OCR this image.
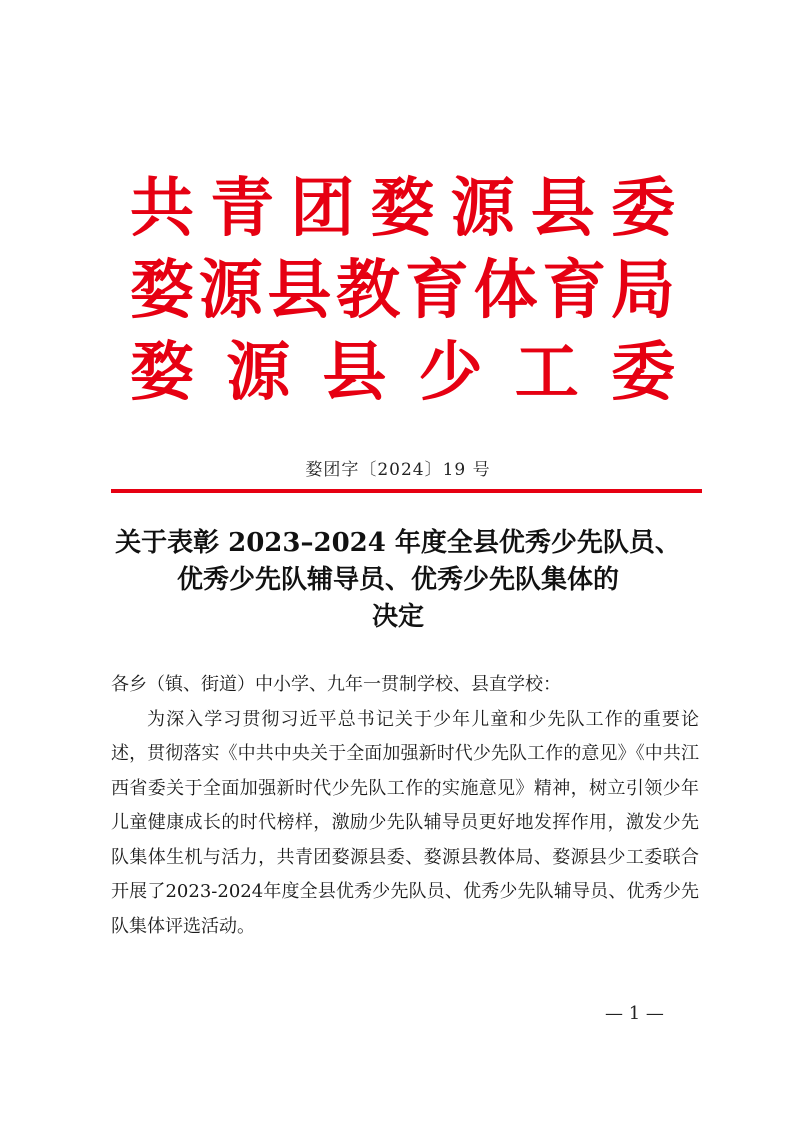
共 青 团 婺 源 县 委
婺 源 县 教 育 体 育 局
婺 源 县 少 工 委
婺团字〔2024〕19 号
关于表彰 2023–2024 年度全县优秀少先队员、
优秀少先队辅导员、优秀少先队集体的
决定

各乡（镇、街道）中小学、九年一贯制学校、县直学校：

为深入学习贯彻习近平总书记关于少年儿童和少先队工作的重要论述，贯彻落实《中共中央关于全面加强新时代少先队工作的意见》《中共江西省委关于全面加强新时代少先队工作的实施意见》精神，树立引领少年儿童健康成长的时代榜样，激励少先队辅导员更好地发挥作用，激发少先队集体生机与活力，共青团婺源县委、婺源县教体局、婺源县少工委联合开展了2023-2024年度全县优秀少先队员、优秀少先队辅导员、优秀少先队集体评选活动。

— 1 —
